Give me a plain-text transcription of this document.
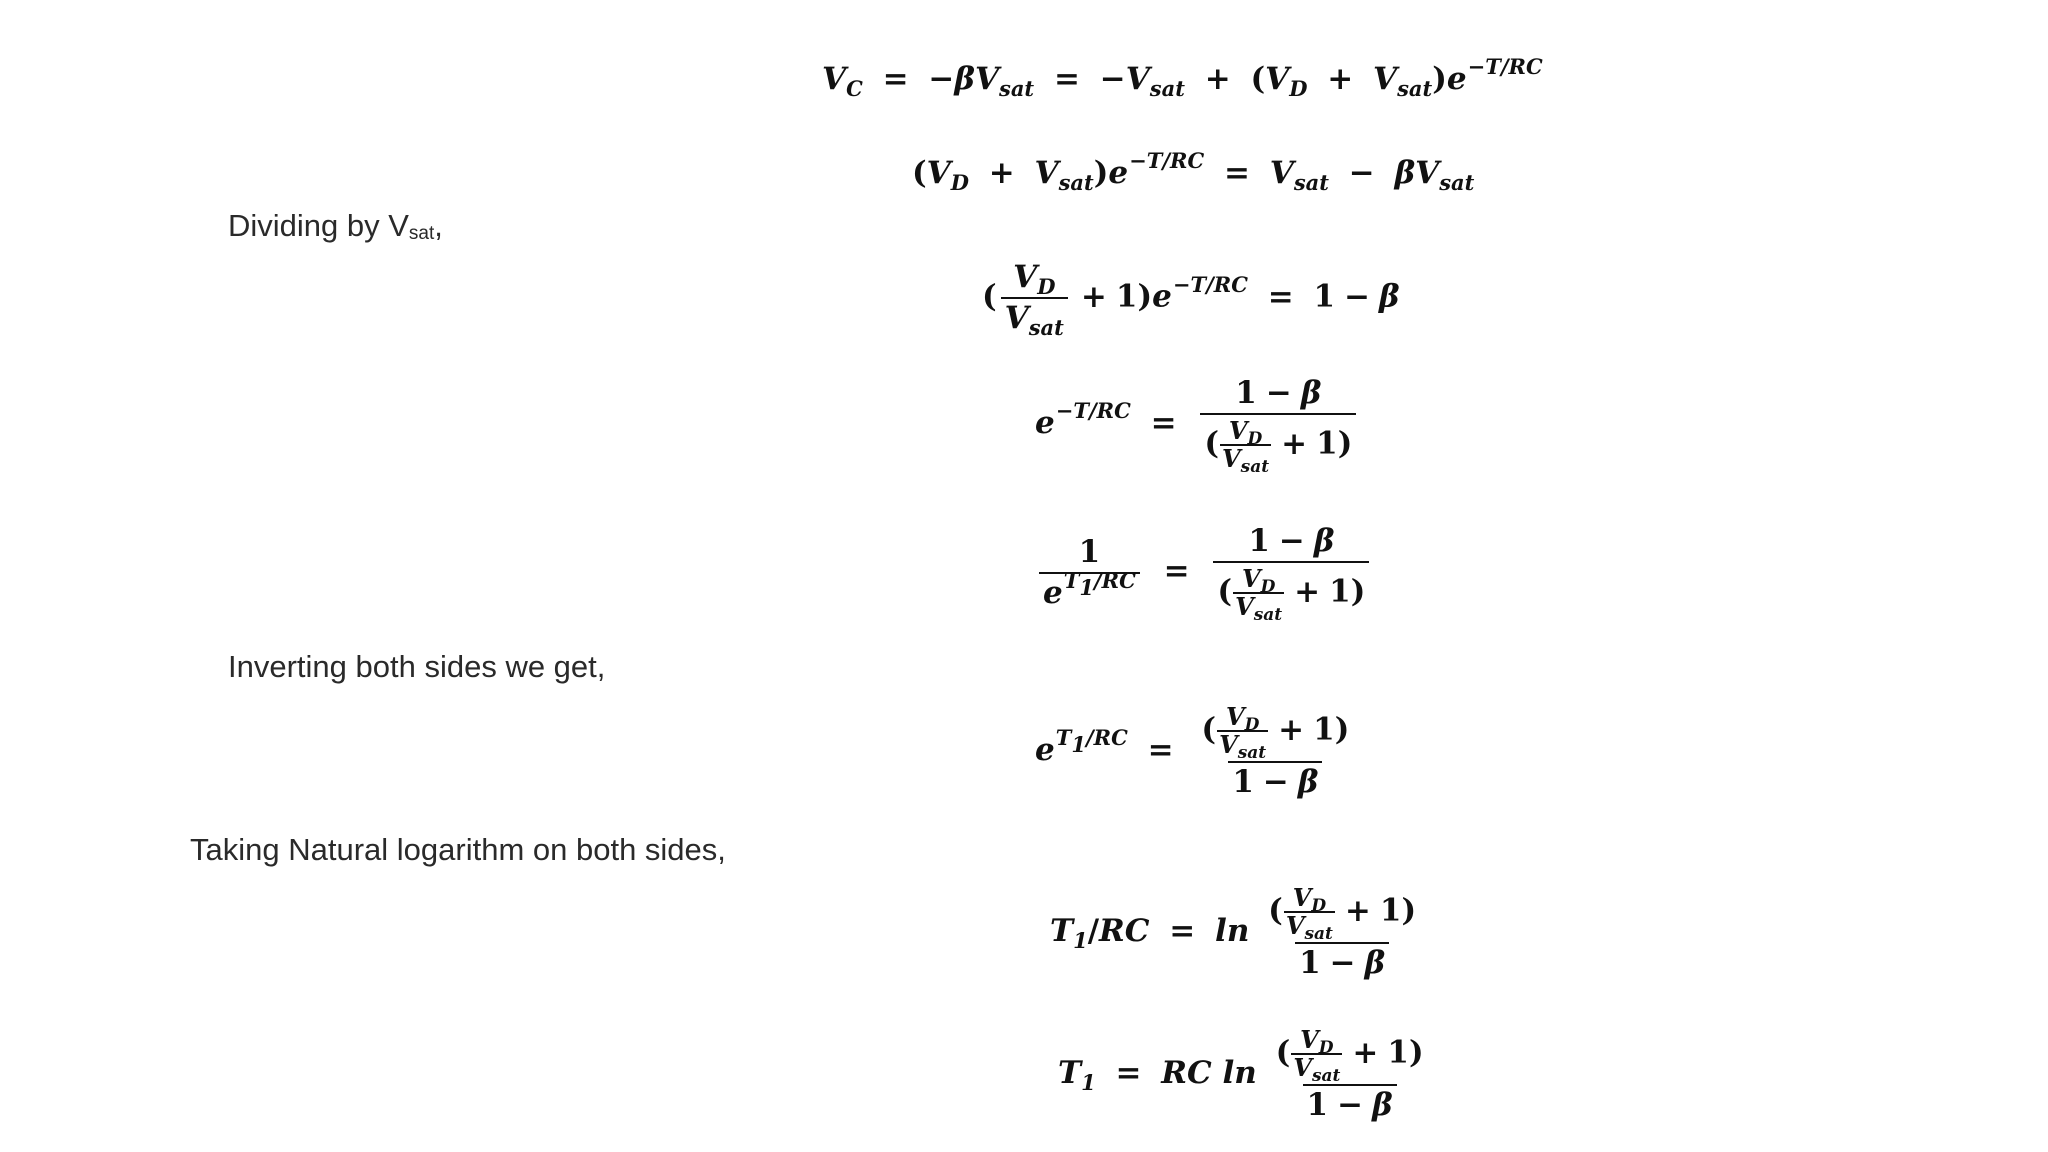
$V_C = -\beta V_{sat} = -V_{sat} + (V_D + V_{sat})e^{-T/RC}$
$(V_D + V_{sat})e^{-T/RC} = V_{sat} - \beta V_{sat}$

Dividing by $V_{sat}$,

( $\frac{V_D}{V_{sat}} + 1)e^{-T/RC} = 1 - \beta$
$e^{-T/RC} = \frac{1 - \beta}{( \frac{V_D}{V_{sat}} + 1)}$
$\frac{1}{e^{T1/RC}} = \frac{1 - \beta}{( \frac{V_D}{V_{sat}} + 1)}$

Inverting both sides we get,

$e^{T1/RC} = \frac{( \frac{V_D}{V_{sat}} + 1)}{1 - \beta}$

Taking Natural logarithm on both sides,

$T_1/RC = \ln \frac{( \frac{V_D}{V_{sat}} + 1)}{1 - \beta}$
$T_1$ = RC $\ln \frac{( \frac{V_D}{V_{sat}} + 1)}{1 - \beta}$
